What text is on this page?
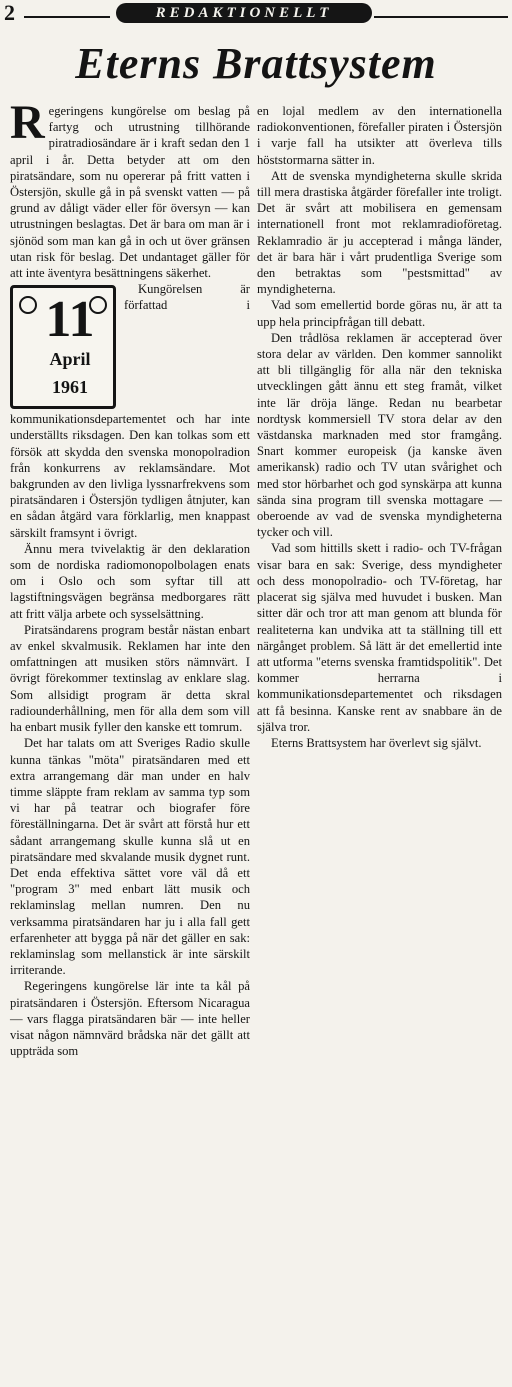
2	REDAKTIONELLT
Eterns Brattsystem

Regeringens kungörelse om beslag på fartyg och utrustning tillhörande piratradiosändare är i kraft sedan den 1 april i år. Detta betyder att om den piratsändare, som nu opererar på fritt vatten i Östersjön, skulle gå in på svenskt vatten — på grund av dåligt väder eller för översyn — kan utrustningen beslagtas. Det är bara om man är i sjönöd som man kan gå in och ut över gränsen utan risk för beslag. Det undantaget gäller för att inte äventyra besättningens säkerhet.

11
April
1961
Kungörelsen är författad i kommunikationsdepartementet och har inte underställts riksdagen. Den kan tolkas som ett försök att skydda den svenska monopolradion från konkurrens av reklamsändare. Mot bakgrunden av den livliga lyssnarfrekvens som piratsändaren i Östersjön tydligen åtnjuter, kan en sådan åtgärd vara förklarlig, men knappast särskilt framsynt i övrigt.

Ännu mera tvivelaktig är den deklaration som de nordiska radiomonopolbolagen enats om i Oslo och som syftar till att lagstiftningsvägen begränsa medborgares rätt att fritt välja arbete och sysselsättning.

Piratsändarens program består nästan enbart av enkel skvalmusik. Reklamen har inte den omfattningen att musiken störs nämnvärt. I övrigt förekommer textinslag av enklare slag. Som allsidigt program är detta skral radiounderhållning, men för alla dem som vill ha enbart musik fyller den kanske ett tomrum.

Det har talats om att Sveriges Radio skulle kunna tänkas "möta" piratsändaren med ett extra arrangemang där man under en halv timme släppte fram reklam av samma typ som vi har på teatrar och biografer före föreställningarna. Det är svårt att förstå hur ett sådant arrangemang skulle kunna slå ut en piratsändare med skvalande musik dygnet runt. Det enda effektiva sättet vore väl då ett "program 3" med enbart lätt musik och reklaminslag mellan numren. Den nu verksamma piratsändaren har ju i alla fall gett erfarenheter att bygga på när det gäller en sak: reklaminslag som mellanstick är inte särskilt irriterande.

Regeringens kungörelse lär inte ta kål på piratsändaren i Östersjön. Eftersom Nicaragua — vars flagga piratsändaren bär — inte heller visat någon nämnvärd brådska när det gällt att uppträda som

en lojal medlem av den internationella radiokonventionen, förefaller piraten i Östersjön i varje fall ha utsikter att överleva tills höststormarna sätter in.

Att de svenska myndigheterna skulle skrida till mera drastiska åtgärder förefaller inte troligt. Det är svårt att mobilisera en gemensam internationell front mot reklamradioföretag. Reklamradio är ju accepterad i många länder, det är bara här i vårt prudentliga Sverige som den betraktas som "pestsmittad" av myndigheterna.

Vad som emellertid borde göras nu, är att ta upp hela principfrågan till debatt.

Den trådlösa reklamen är accepterad över stora delar av världen. Den kommer sannolikt att bli tillgänglig för alla när den tekniska utvecklingen gått ännu ett steg framåt, vilket inte lär dröja länge. Redan nu bearbetar nordtysk kommersiell TV stora delar av den västdanska marknaden med stor framgång. Snart kommer europeisk (ja kanske även amerikansk) radio och TV utan svårighet och med stor hörbarhet och god synskärpa att kunna sända sina program till svenska mottagare — oberoende av vad de svenska myndigheterna tycker och vill.

Vad som hittills skett i radio- och TV-frågan visar bara en sak: Sverige, dess myndigheter och dess monopolradio- och TV-företag, har placerat sig själva med huvudet i busken. Man sitter där och tror att man genom att blunda för realiteterna kan undvika att ta ställning till ett närgånget problem. Så lätt är det emellertid inte att utforma "eterns svenska framtidspolitik". Det kommer herrarna i kommunikationsdepartementet och riksdagen att få besinna. Kanske rent av snabbare än de själva tror.

Eterns Brattsystem har överlevt sig självt.
